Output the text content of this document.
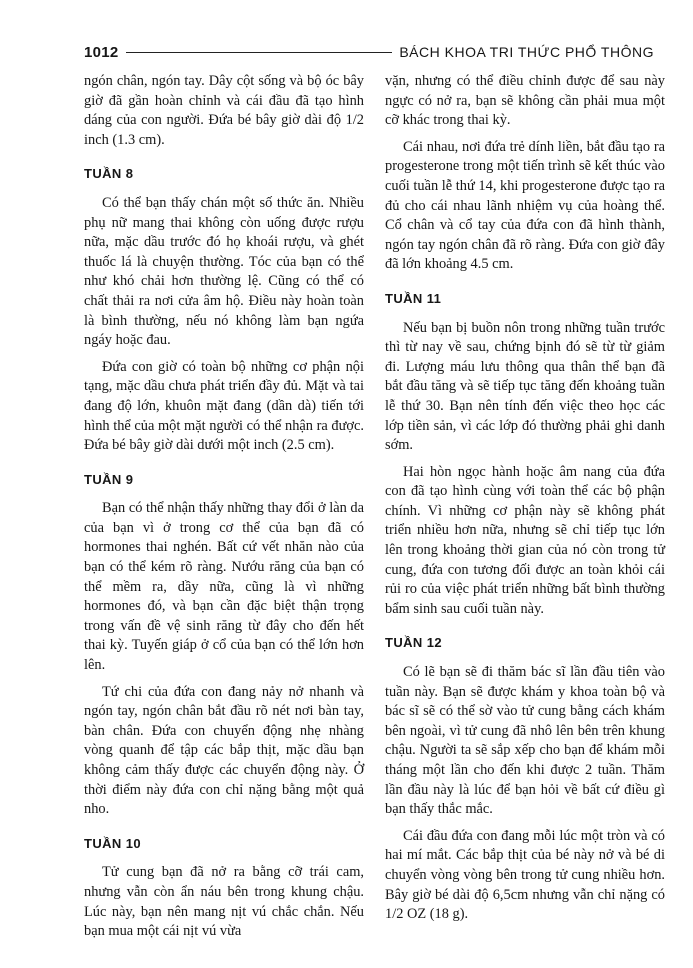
1012	BÁCH KHOA TRI THỨC PHỔ THÔNG

ngón chân, ngón tay. Dây cột sống và bộ óc bây giờ đã gần hoàn chỉnh và cái đầu đã tạo hình dáng của con người. Đứa bé bây giờ dài độ 1/2 inch (1.3 cm).

TUẦN 8

Có thể bạn thấy chán một số thức ăn. Nhiều phụ nữ mang thai không còn uống được rượu nữa, mặc dầu trước đó họ khoái rượu, và ghét thuốc lá là chuyện thường. Tóc của bạn có thể như khó chải hơn thường lệ. Cũng có thể có chất thải ra nơi cửa âm hộ. Điều này hoàn toàn là bình thường, nếu nó không làm bạn ngứa ngáy hoặc đau.

Đứa con giờ có toàn bộ những cơ phận nội tạng, mặc dầu chưa phát triển đầy đủ. Mặt và tai đang độ lớn, khuôn mặt đang (dần dà) tiến tới hình thể của một mặt người có thể nhận ra được. Đứa bé bây giờ dài dưới một inch (2.5 cm).

TUẦN 9

Bạn có thể nhận thấy những thay đổi ở làn da của bạn vì ở trong cơ thể của bạn đã có hormones thai nghén. Bất cứ vết nhăn nào của bạn có thể kém rõ ràng. Nướu răng của bạn có thể mềm ra, dầy nữa, cũng là vì những hormones đó, và bạn cần đặc biệt thận trọng trong vấn đề vệ sinh răng từ đây cho đến hết thai kỳ. Tuyến giáp ở cổ của bạn có thể lớn hơn lên.

Tứ chi của đứa con đang nảy nở nhanh và ngón tay, ngón chân bắt đầu rõ nét nơi bàn tay, bàn chân. Đứa con chuyển động nhẹ nhàng vòng quanh để tập các bắp thịt, mặc dầu bạn không cảm thấy được các chuyển động này. Ở thời điểm này đứa con chỉ nặng bằng một quả nho.

TUẦN 10

Tử cung bạn đã nở ra bằng cỡ trái cam, nhưng vẫn còn ẩn náu bên trong khung chậu. Lúc này, bạn nên mang nịt vú chắc chắn. Nếu bạn mua một cái nịt vú vừa

vặn, nhưng có thể điều chỉnh được để sau này ngực có nở ra, bạn sẽ không cần phải mua một cỡ khác trong thai kỳ.

Cái nhau, nơi đứa trẻ dính liền, bắt đầu tạo ra progesterone trong một tiến trình sẽ kết thúc vào cuối tuần lễ thứ 14, khi progesterone được tạo ra đủ cho cái nhau lãnh nhiệm vụ của hoàng thể. Cổ chân và cổ tay của đứa con đã hình thành, ngón tay ngón chân đã rõ ràng. Đứa con giờ đây đã lớn khoảng 4.5 cm.

TUẦN 11

Nếu bạn bị buồn nôn trong những tuần trước thì từ nay về sau, chứng bịnh đó sẽ từ từ giảm đi. Lượng máu lưu thông qua thân thể bạn đã bắt đầu tăng và sẽ tiếp tục tăng đến khoảng tuần lễ thứ 30. Bạn nên tính đến việc theo học các lớp tiền sản, vì các lớp đó thường phải ghi danh sớm.

Hai hòn ngọc hành hoặc âm nang của đứa con đã tạo hình cùng với toàn thể các bộ phận chính. Vì những cơ phận này sẽ không phát triển nhiều hơn nữa, nhưng sẽ chỉ tiếp tục lớn lên trong khoảng thời gian của nó còn trong tử cung, đứa con tương đối được an toàn khỏi cái rủi ro của việc phát triển những bất bình thường bẩm sinh sau cuối tuần này.

TUẦN 12

Có lẽ bạn sẽ đi thăm bác sĩ lần đầu tiên vào tuần này. Bạn sẽ được khám y khoa toàn bộ và bác sĩ sẽ có thể sờ vào tử cung bằng cách khám bên ngoài, vì tử cung đã nhô lên bên trên khung chậu. Người ta sẽ sắp xếp cho bạn để khám mỗi tháng một lần cho đến khi được 2 tuần. Thăm lần đầu này là lúc để bạn hỏi về bất cứ điều gì bạn thấy thắc mắc.

Cái đầu đứa con đang mỗi lúc một tròn và có hai mí mắt. Các bắp thịt của bé này nở và bé di chuyển vòng vòng bên trong tử cung nhiều hơn. Bây giờ bé dài độ 6,5cm nhưng vẫn chỉ nặng có 1/2 OZ (18 g).
